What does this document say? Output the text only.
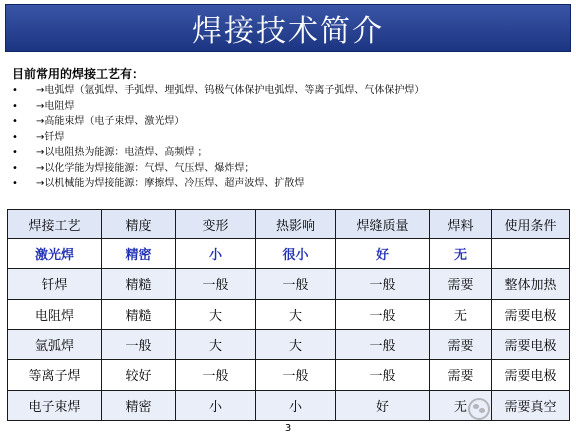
焊接技术简介
目前常用的焊接工艺有：
•	→电弧焊（氩弧焊、手弧焊、埋弧焊、钨极气体保护电弧焊、等离子弧焊、气体保护焊）
•	→电阻焊
•	→高能束焊（电子束焊、激光焊）
•	→钎焊
•	→以电阻热为能源：电渣焊、高频焊 ；
•	→以化学能为焊接能源：气焊、气压焊、爆炸焊；
•	→以机械能为焊接能源：摩擦焊、冷压焊、超声波焊、扩散焊
焊接工艺	精度	变形	热影响	焊缝质量	焊料	使用条件
激光焊	精密	小	很小	好	无	
钎焊	精糙	一般	一般	一般	需要	整体加热
电阻焊	精糙	大	大	一般	无	需要电极
氩弧焊	一般	大	大	一般	需要	需要电极
等离子焊	较好	一般	一般	一般	需要	需要电极
电子束焊	精密	小	小	好	无	需要真空
3
